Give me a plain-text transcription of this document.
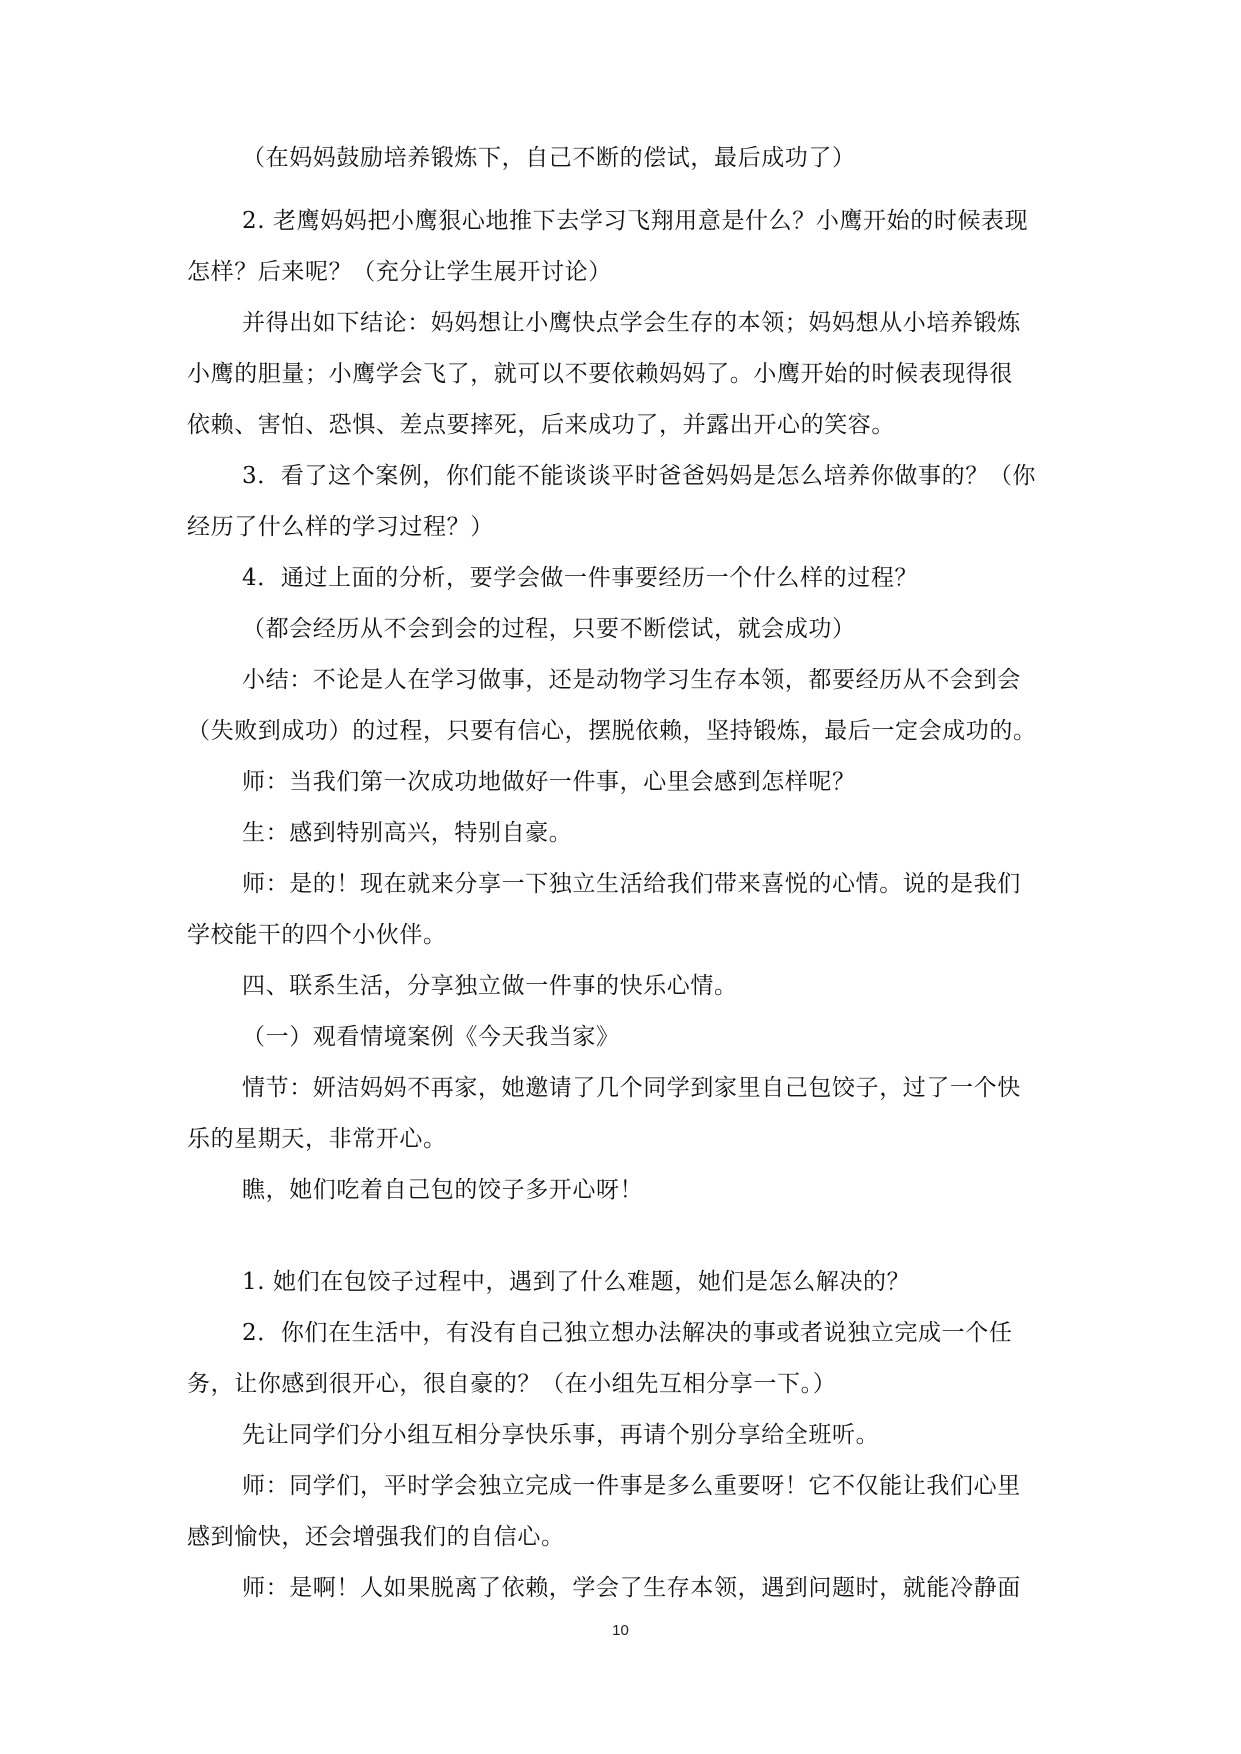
（在妈妈鼓励培养锻炼下，自己不断的偿试，最后成功了）
2. 老鹰妈妈把小鹰狠心地推下去学习飞翔用意是什么？小鹰开始的时候表现
怎样？后来呢？（充分让学生展开讨论）
并得出如下结论：妈妈想让小鹰快点学会生存的本领；妈妈想从小培养锻炼
小鹰的胆量；小鹰学会飞了，就可以不要依赖妈妈了。小鹰开始的时候表现得很
依赖、害怕、恐惧、差点要摔死，后来成功了，并露出开心的笑容。
3．看了这个案例，你们能不能谈谈平时爸爸妈妈是怎么培养你做事的？（你
经历了什么样的学习过程？）
4．通过上面的分析，要学会做一件事要经历一个什么样的过程？
（都会经历从不会到会的过程，只要不断偿试，就会成功）
小结：不论是人在学习做事，还是动物学习生存本领，都要经历从不会到会
（失败到成功）的过程，只要有信心，摆脱依赖，坚持锻炼，最后一定会成功的。
师：当我们第一次成功地做好一件事，心里会感到怎样呢？
生：感到特别高兴，特别自豪。
师：是的！现在就来分享一下独立生活给我们带来喜悦的心情。说的是我们
学校能干的四个小伙伴。
四、联系生活，分享独立做一件事的快乐心情。
（一）观看情境案例《今天我当家》
情节：妍洁妈妈不再家，她邀请了几个同学到家里自己包饺子，过了一个快
乐的星期天，非常开心。
瞧，她们吃着自己包的饺子多开心呀！
1. 她们在包饺子过程中，遇到了什么难题，她们是怎么解决的？
2．你们在生活中，有没有自己独立想办法解决的事或者说独立完成一个任
务，让你感到很开心，很自豪的？（在小组先互相分享一下。）
先让同学们分小组互相分享快乐事，再请个别分享给全班听。
师：同学们，平时学会独立完成一件事是多么重要呀！它不仅能让我们心里
感到愉快，还会增强我们的自信心。
师：是啊！人如果脱离了依赖，学会了生存本领，遇到问题时，就能冷静面
10
